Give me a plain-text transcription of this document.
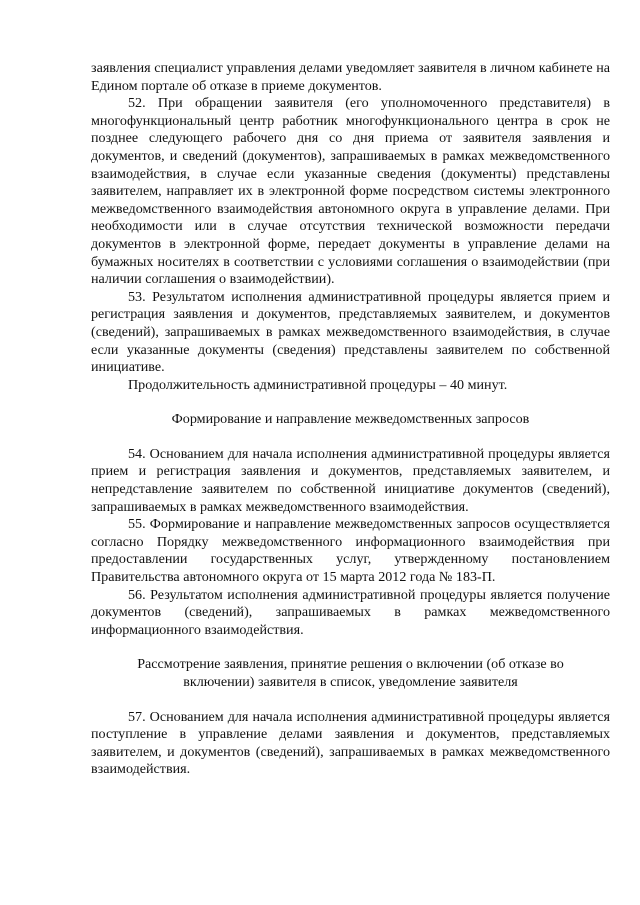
заявления специалист управления делами уведомляет заявителя в личном кабинете на Едином портале об отказе в приеме документов.

52. При обращении заявителя (его уполномоченного представителя) в многофункциональный центр работник многофункционального центра в срок не позднее следующего рабочего дня со дня приема от заявителя заявления и документов, и сведений (документов), запрашиваемых в рамках межведомственного взаимодействия, в случае если указанные сведения (документы) представлены заявителем, направляет их в электронной форме посредством системы электронного межведомственного взаимодействия автономного округа в управление делами. При необходимости или в случае отсутствия технической возможности передачи документов в электронной форме, передает документы в управление делами на бумажных носителях в соответствии с условиями соглашения о взаимодействии (при наличии соглашения о взаимодействии).

53. Результатом исполнения административной процедуры является прием и регистрация заявления и документов, представляемых заявителем, и документов (сведений), запрашиваемых в рамках межведомственного взаимодействия, в случае если указанные документы (сведения) представлены заявителем по собственной инициативе.

Продолжительность административной процедуры – 40 минут.

Формирование и направление межведомственных запросов

54. Основанием для начала исполнения административной процедуры является прием и регистрация заявления и документов, представляемых заявителем, и непредставление заявителем по собственной инициативе документов (сведений), запрашиваемых в рамках межведомственного взаимодействия.

55. Формирование и направление межведомственных запросов осуществляется согласно Порядку межведомственного информационного взаимодействия при предоставлении государственных услуг, утвержденному постановлением Правительства автономного округа от 15 марта 2012 года № 183-П.

56. Результатом исполнения административной процедуры является получение документов (сведений), запрашиваемых в рамках межведомственного информационного взаимодействия.

Рассмотрение заявления, принятие решения о включении (об отказе во

включении) заявителя в список, уведомление заявителя

57. Основанием для начала исполнения административной процедуры является поступление в управление делами заявления и документов, представляемых заявителем, и документов (сведений), запрашиваемых в рамках межведомственного взаимодействия.
